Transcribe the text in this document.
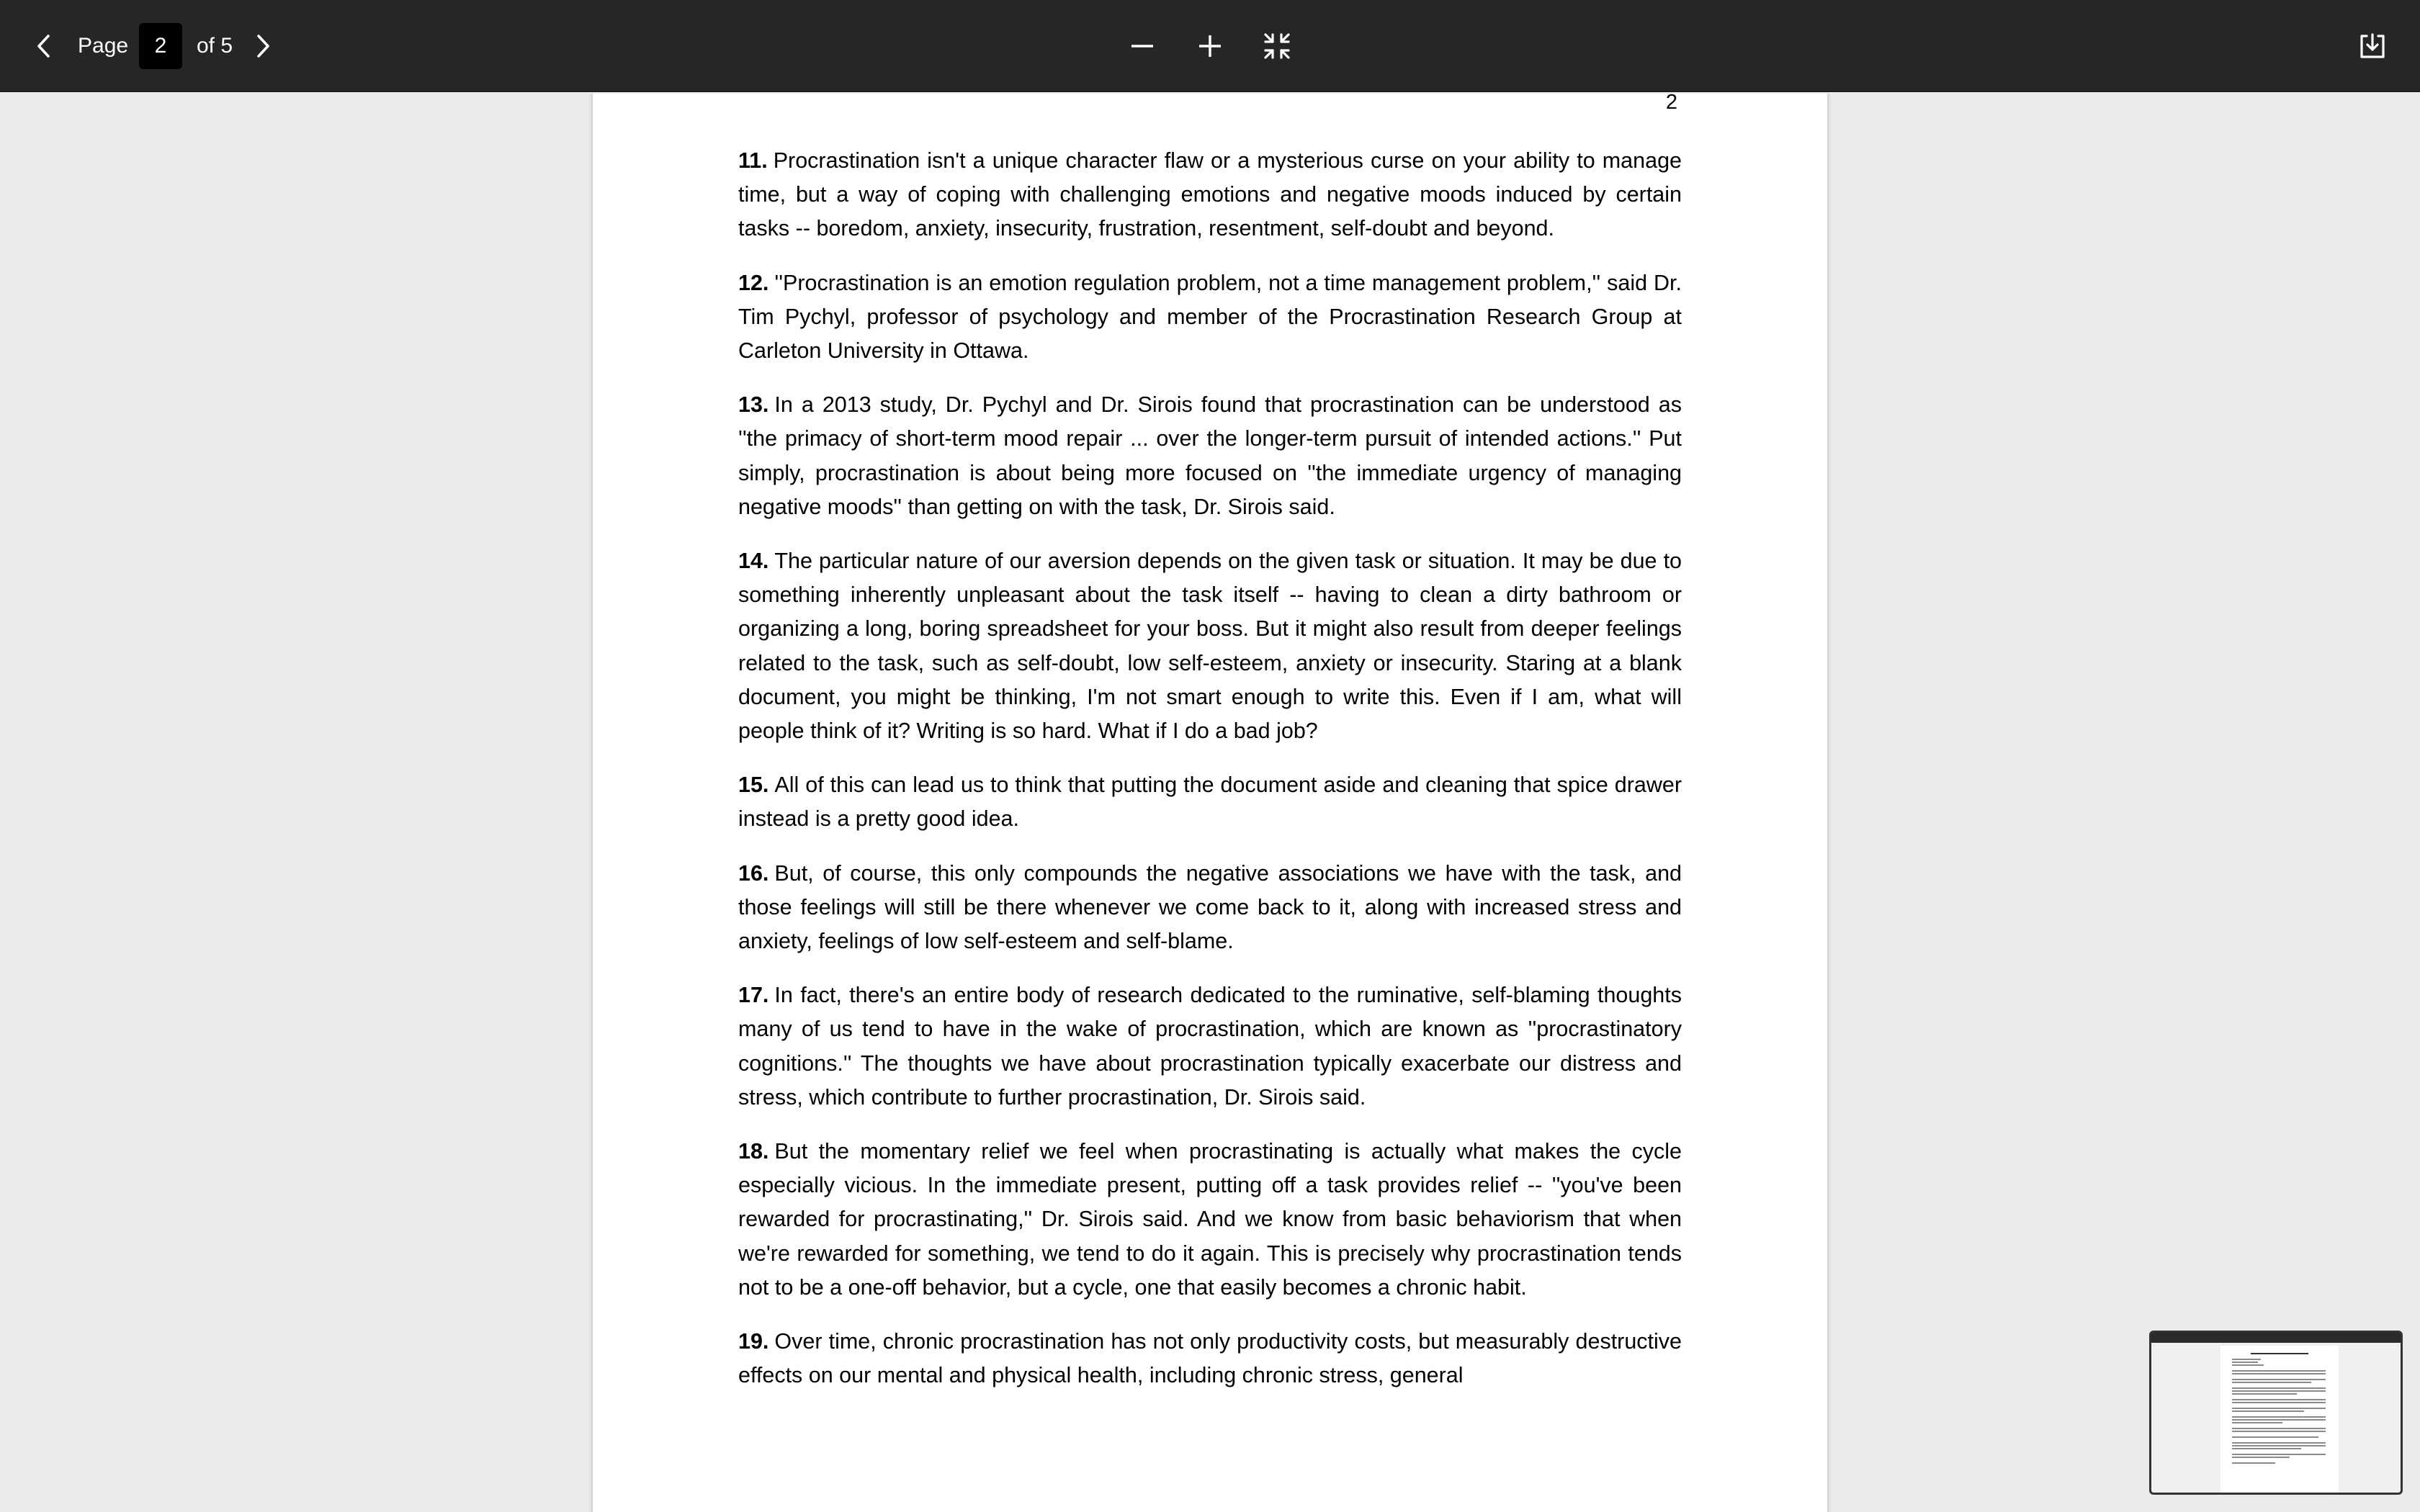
Page
2	of 5
2

11. Procrastination isn't a unique character flaw or a mysterious curse on your ability to manage time, but a way of coping with challenging emotions and negative moods induced by certain tasks -- boredom, anxiety, insecurity, frustration, resentment, self-doubt and beyond.

12. ''Procrastination is an emotion regulation problem, not a time management problem,'' said Dr. Tim Pychyl, professor of psychology and member of the Procrastination Research Group at Carleton University in Ottawa.

13. In a 2013 study, Dr. Pychyl and Dr. Sirois found that procrastination can be understood as ''the primacy of short-term mood repair ... over the longer-term pursuit of intended actions.'' Put simply, procrastination is about being more focused on ''the immediate urgency of managing negative moods'' than getting on with the task, Dr. Sirois said.

14. The particular nature of our aversion depends on the given task or situation. It may be due to something inherently unpleasant about the task itself -- having to clean a dirty bathroom or organizing a long, boring spreadsheet for your boss. But it might also result from deeper feelings related to the task, such as self-doubt, low self-esteem, anxiety or insecurity. Staring at a blank document, you might be thinking, I'm not smart enough to write this. Even if I am, what will people think of it? Writing is so hard. What if I do a bad job?

15. All of this can lead us to think that putting the document aside and cleaning that spice drawer instead is a pretty good idea.

16. But, of course, this only compounds the negative associations we have with the task, and those feelings will still be there whenever we come back to it, along with increased stress and anxiety, feelings of low self-esteem and self-blame.

17. In fact, there's an entire body of research dedicated to the ruminative, self-blaming thoughts many of us tend to have in the wake of procrastination, which are known as ''procrastinatory cognitions.'' The thoughts we have about procrastination typically exacerbate our distress and stress, which contribute to further procrastination, Dr. Sirois said.

18. But the momentary relief we feel when procrastinating is actually what makes the cycle especially vicious. In the immediate present, putting off a task provides relief -- ''you've been rewarded for procrastinating,'' Dr. Sirois said. And we know from basic behaviorism that when we're rewarded for something, we tend to do it again. This is precisely why procrastination tends not to be a one-off behavior, but a cycle, one that easily becomes a chronic habit.

19. Over time, chronic procrastination has not only productivity costs, but measurably destructive effects on our mental and physical health, including chronic stress, general
